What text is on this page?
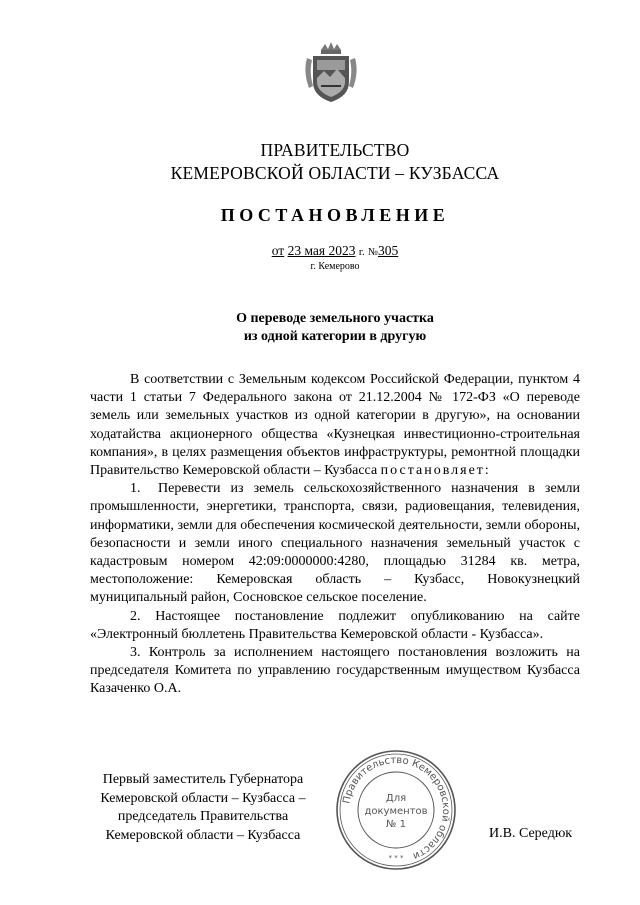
ПРАВИТЕЛЬСТВО
КЕМЕРОВСКОЙ ОБЛАСТИ – КУЗБАССА
ПОСТАНОВЛЕНИЕ
от 23 мая 2023 г. №305
г. Кемерово
О переводе земельного участка
из одной категории в другую

В соответствии с Земельным кодексом Российской Федерации, пунктом 4 части 1 статьи 7 Федерального закона от 21.12.2004 № 172-ФЗ «О переводе земель или земельных участков из одной категории в другую», на основании ходатайства акционерного общества «Кузнецкая инвестиционно-строительная компания», в целях размещения объектов инфраструктуры, ремонтной площадки Правительство Кемеровской области – Кузбасса постановляет:

1. Перевести из земель сельскохозяйственного назначения в земли промышленности, энергетики, транспорта, связи, радиовещания, телевидения, информатики, земли для обеспечения космической деятельности, земли обороны, безопасности и земли иного специального назначения земельный участок с кадастровым номером 42:09:0000000:4280, площадью 31284 кв. метра, местоположение: Кемеровская область – Кузбасс, Новокузнецкий муниципальный район, Сосновское сельское поселение.

2. Настоящее постановление подлежит опубликованию на сайте «Электронный бюллетень Правительства Кемеровской области - Кузбасса».

3. Контроль за исполнением настоящего постановления возложить на председателя Комитета по управлению государственным имуществом Кузбасса Казаченко О.А.

Первый заместитель Губернатора
Кемеровской области – Кузбасса –
председатель Правительства
Кемеровской области – Кузбасса
Правительство Кемеровской области
Для
документов
№ 1
* * *
И.В. Середюк
